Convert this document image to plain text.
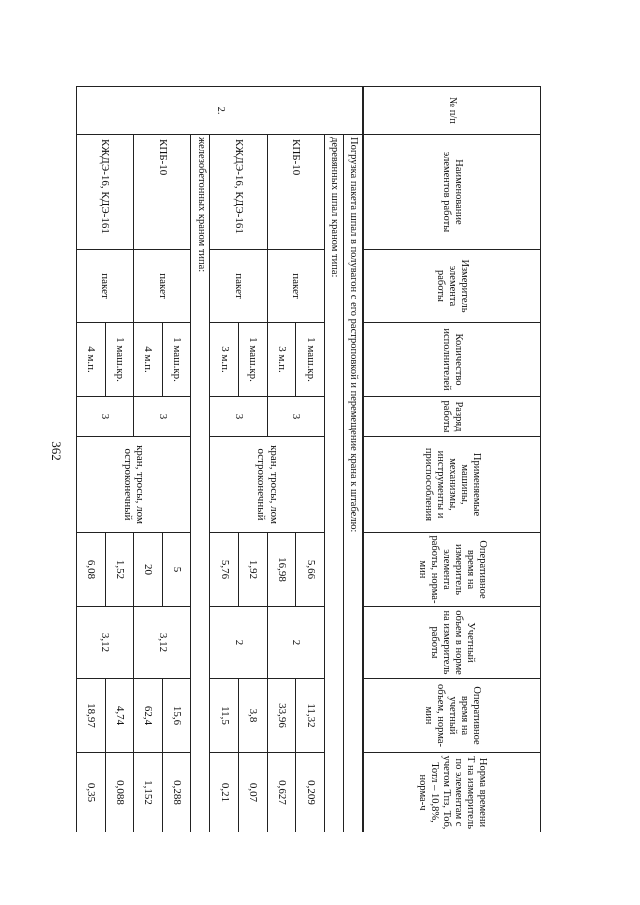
362
№ п/п	Наименование элементов работы	Измеритель элемента работы	Количество исполнителей	Разряд работы	Применяемые машины, механизмы, инструменты и приспособления	Оперативное время на измеритель элемента работы, норма-мин	Учетный объем в норме на измеритель работы	Оперативное время на учетный объем, норма-мин	Норма времени Т на измеритель по элементам с учетом Тпз, Тоб, Тотл – 10,8%, норма-ч
2.	Погрузка пакета шпал в полувагон с его растроповкой и перемещение крана к штабелю:								
	деревянных шпал краном типа:								
	КПБ-10	пакет	1 маш.кр.	3	кран, тросы, лом остроконечный	5,66	2	11,32	0,209
			3 м.п.			16,98		33,96	0,627
	КЖДЭ-16, КДЭ-161	пакет	1 маш.кр.	3		1,92	2	3,8	0,07
			3 м.п.			5,76		11,5	0,21
	железобетонных краном типа:								
	КПБ-10	пакет	1 маш.кр.	3	кран, тросы, лом остроконечный	5	3,12	15,6	0,288
			4 м.п.			20		62,4	1,152
	КЖДЭ-16, КДЭ-161	пакет	1 маш.кр.	3		1,52	3,12	4,74	0,088
			4 м.п.			6,08		18,97	0,35
